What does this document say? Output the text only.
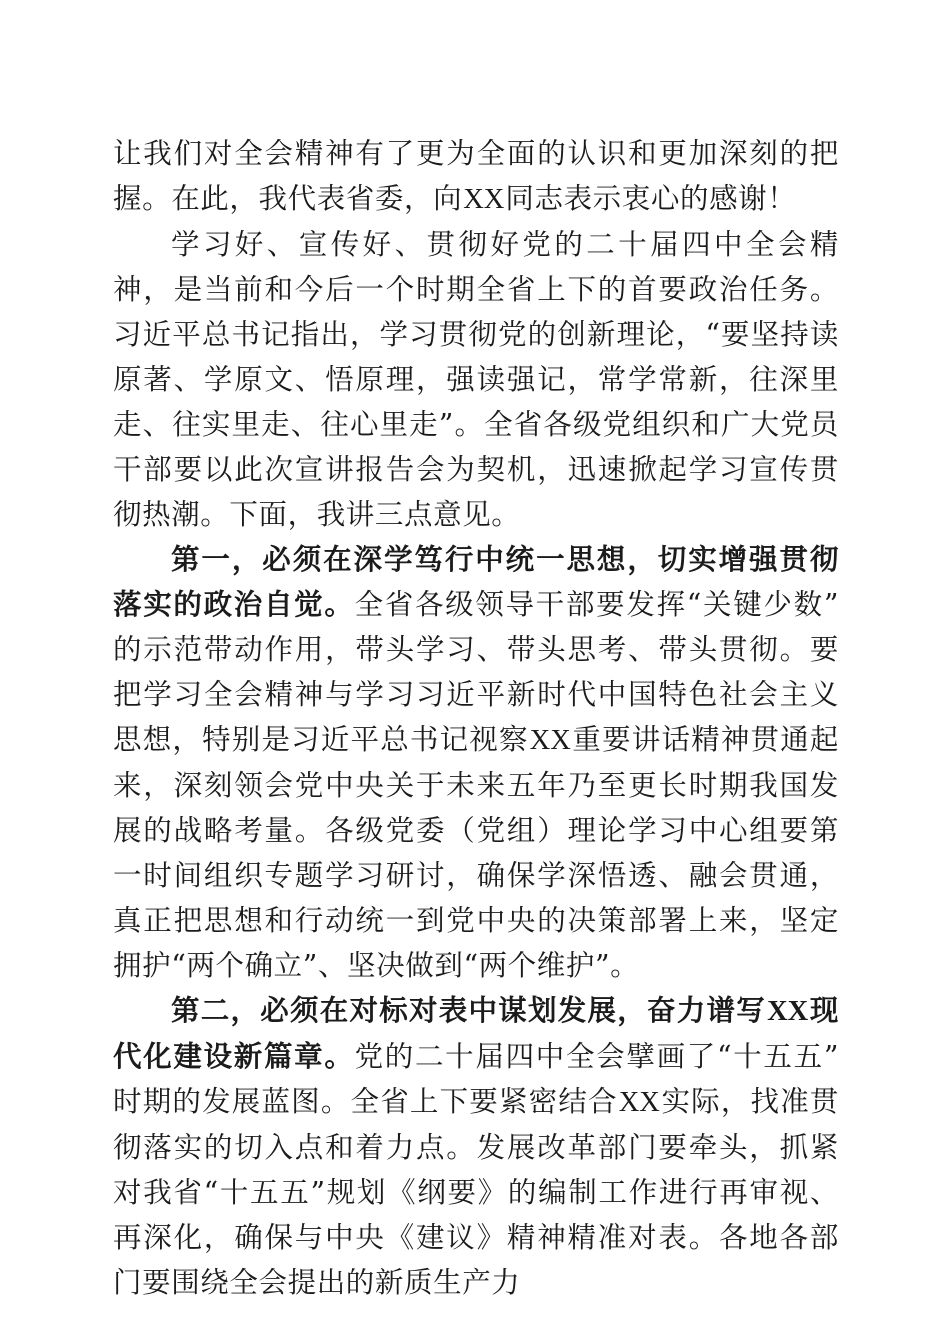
让我们对全会精神有了更为全面的认识和更加深刻的把握。在此，我代表省委，向XX同志表示衷心的感谢！

学习好、宣传好、贯彻好党的二十届四中全会精神，是当前和今后一个时期全省上下的首要政治任务。习近平总书记指出，学习贯彻党的创新理论，“要坚持读原著、学原文、悟原理，强读强记，常学常新，往深里走、往实里走、往心里走”。全省各级党组织和广大党员干部要以此次宣讲报告会为契机，迅速掀起学习宣传贯彻热潮。下面，我讲三点意见。

第一，必须在深学笃行中统一思想，切实增强贯彻落实的政治自觉。全省各级领导干部要发挥“关键少数”的示范带动作用，带头学习、带头思考、带头贯彻。要把学习全会精神与学习习近平新时代中国特色社会主义思想，特别是习近平总书记视察XX重要讲话精神贯通起来，深刻领会党中央关于未来五年乃至更长时期我国发展的战略考量。各级党委（党组）理论学习中心组要第一时间组织专题学习研讨，确保学深悟透、融会贯通，真正把思想和行动统一到党中央的决策部署上来，坚定拥护“两个确立”、坚决做到“两个维护”。

第二，必须在对标对表中谋划发展，奋力谱写XX现代化建设新篇章。党的二十届四中全会擘画了“十五五”时期的发展蓝图。全省上下要紧密结合XX实际，找准贯彻落实的切入点和着力点。发展改革部门要牵头，抓紧对我省“十五五”规划《纲要》的编制工作进行再审视、再深化，确保与中央《建议》精神精准对表。各地各部门要围绕全会提出的新质生产力
